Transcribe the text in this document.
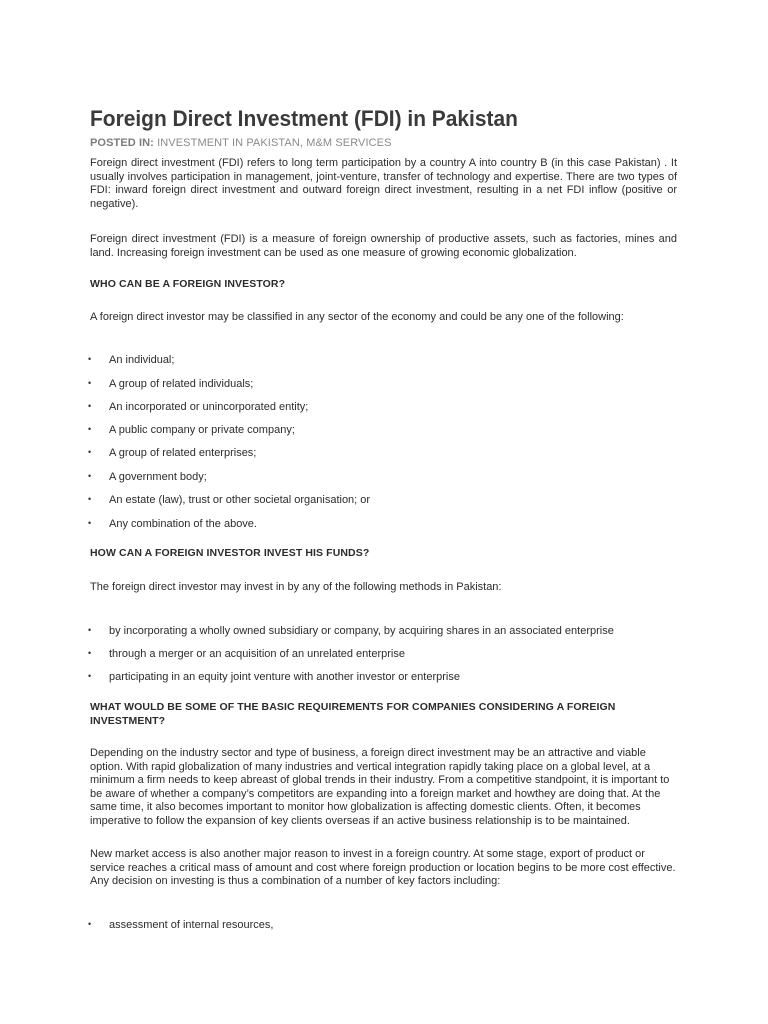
Foreign Direct Investment (FDI) in Pakistan
POSTED IN: INVESTMENT IN PAKISTAN, M&M SERVICES

Foreign direct investment (FDI) refers to long term participation by a country A into country B (in this case Pakistan) . It usually involves participation in management, joint-venture, transfer of technology and expertise. There are two types of FDI: inward foreign direct investment and outward foreign direct investment, resulting in a net FDI inflow (positive or negative).

Foreign direct investment (FDI) is a measure of foreign ownership of productive assets, such as factories, mines and land. Increasing foreign investment can be used as one measure of growing economic globalization.

WHO CAN BE A FOREIGN INVESTOR?

A foreign direct investor may be classified in any sector of the economy and could be any one of the following:

• An individual;
• A group of related individuals;
• An incorporated or unincorporated entity;
• A public company or private company;
• A group of related enterprises;
• A government body;
• An estate (law), trust or other societal organisation; or
• Any combination of the above.
HOW CAN A FOREIGN INVESTOR INVEST HIS FUNDS?

The foreign direct investor may invest in by any of the following methods in Pakistan:

• by incorporating a wholly owned subsidiary or company, by acquiring shares in an associated enterprise
• through a merger or an acquisition of an unrelated enterprise
• participating in an equity joint venture with another investor or enterprise
WHAT WOULD BE SOME OF THE BASIC REQUIREMENTS FOR COMPANIES CONSIDERING A FOREIGN INVESTMENT?

Depending on the industry sector and type of business, a foreign direct investment may be an attractive and viable option. With rapid globalization of many industries and vertical integration rapidly taking place on a global level, at a minimum a firm needs to keep abreast of global trends in their industry. From a competitive standpoint, it is important to be aware of whether a company’s competitors are expanding into a foreign market and howthey are doing that. At the same time, it also becomes important to monitor how globalization is affecting domestic clients. Often, it becomes imperative to follow the expansion of key clients overseas if an active business relationship is to be maintained.

New market access is also another major reason to invest in a foreign country. At some stage, export of product or service reaches a critical mass of amount and cost where foreign production or location begins to be more cost effective. Any decision on investing is thus a combination of a number of key factors including:

• assessment of internal resources,
